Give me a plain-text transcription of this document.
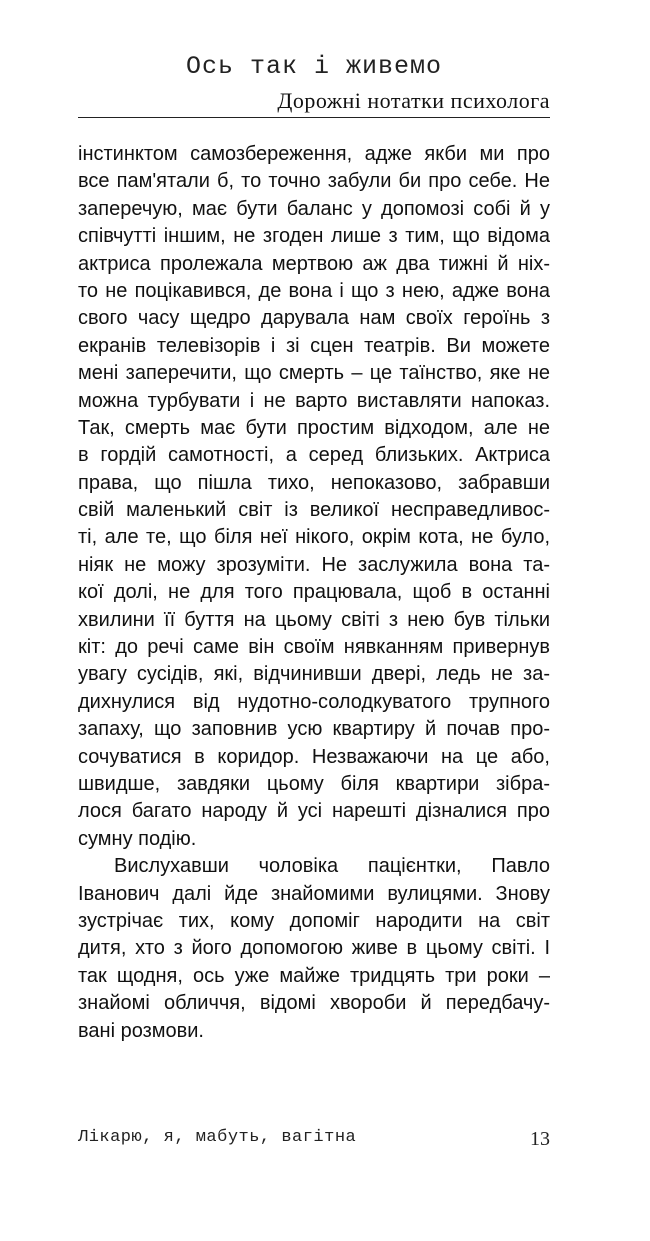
Ось так і живемо
Дорожні нотатки психолога
інстинктом самозбереження, адже якби ми про
все пам'ятали б, то точно забули би про себе. Не
заперечую, має бути баланс у допомозі собі й у
співчутті іншим, не згоден лише з тим, що відома
актриса пролежала мертвою аж два тижні й ніх-
то не поцікавився, де вона і що з нею, адже вона
свого часу щедро дарувала нам своїх героїнь з
екранів телевізорів і зі сцен театрів. Ви можете
мені заперечити, що смерть – це таїнство, яке не
можна турбувати і не варто виставляти напоказ.
Так, смерть має бути простим відходом, але не
в гордій самотності, а серед близьких. Актриса
права, що пішла тихо, непоказово, забравши
свій маленький світ із великої несправедливос-
ті, але те, що біля неї нікого, окрім кота, не було,
ніяк не можу зрозуміти. Не заслужила вона та-
кої долі, не для того працювала, щоб в останні
хвилини її буття на цьому світі з нею був тільки
кіт: до речі саме він своїм нявканням привернув
увагу сусідів, які, відчинивши двері, ледь не за-
дихнулися від нудотно-солодкуватого трупного
запаху, що заповнив усю квартиру й почав про-
сочуватися в коридор. Незважаючи на це або,
швидше, завдяки цьому біля квартири зібра-
лося багато народу й усі нарешті дізналися про
сумну подію.
Вислухавши чоловіка пацієнтки, Павло
Іванович далі йде знайомими вулицями. Знову
зустрічає тих, кому допоміг народити на світ
дитя, хто з його допомогою живе в цьому світі. І
так щодня, ось уже майже тридцять три роки –
знайомі обличчя, відомі хвороби й передбачу-
вані розмови.
Лікарю, я, мабуть, вагітна	13
